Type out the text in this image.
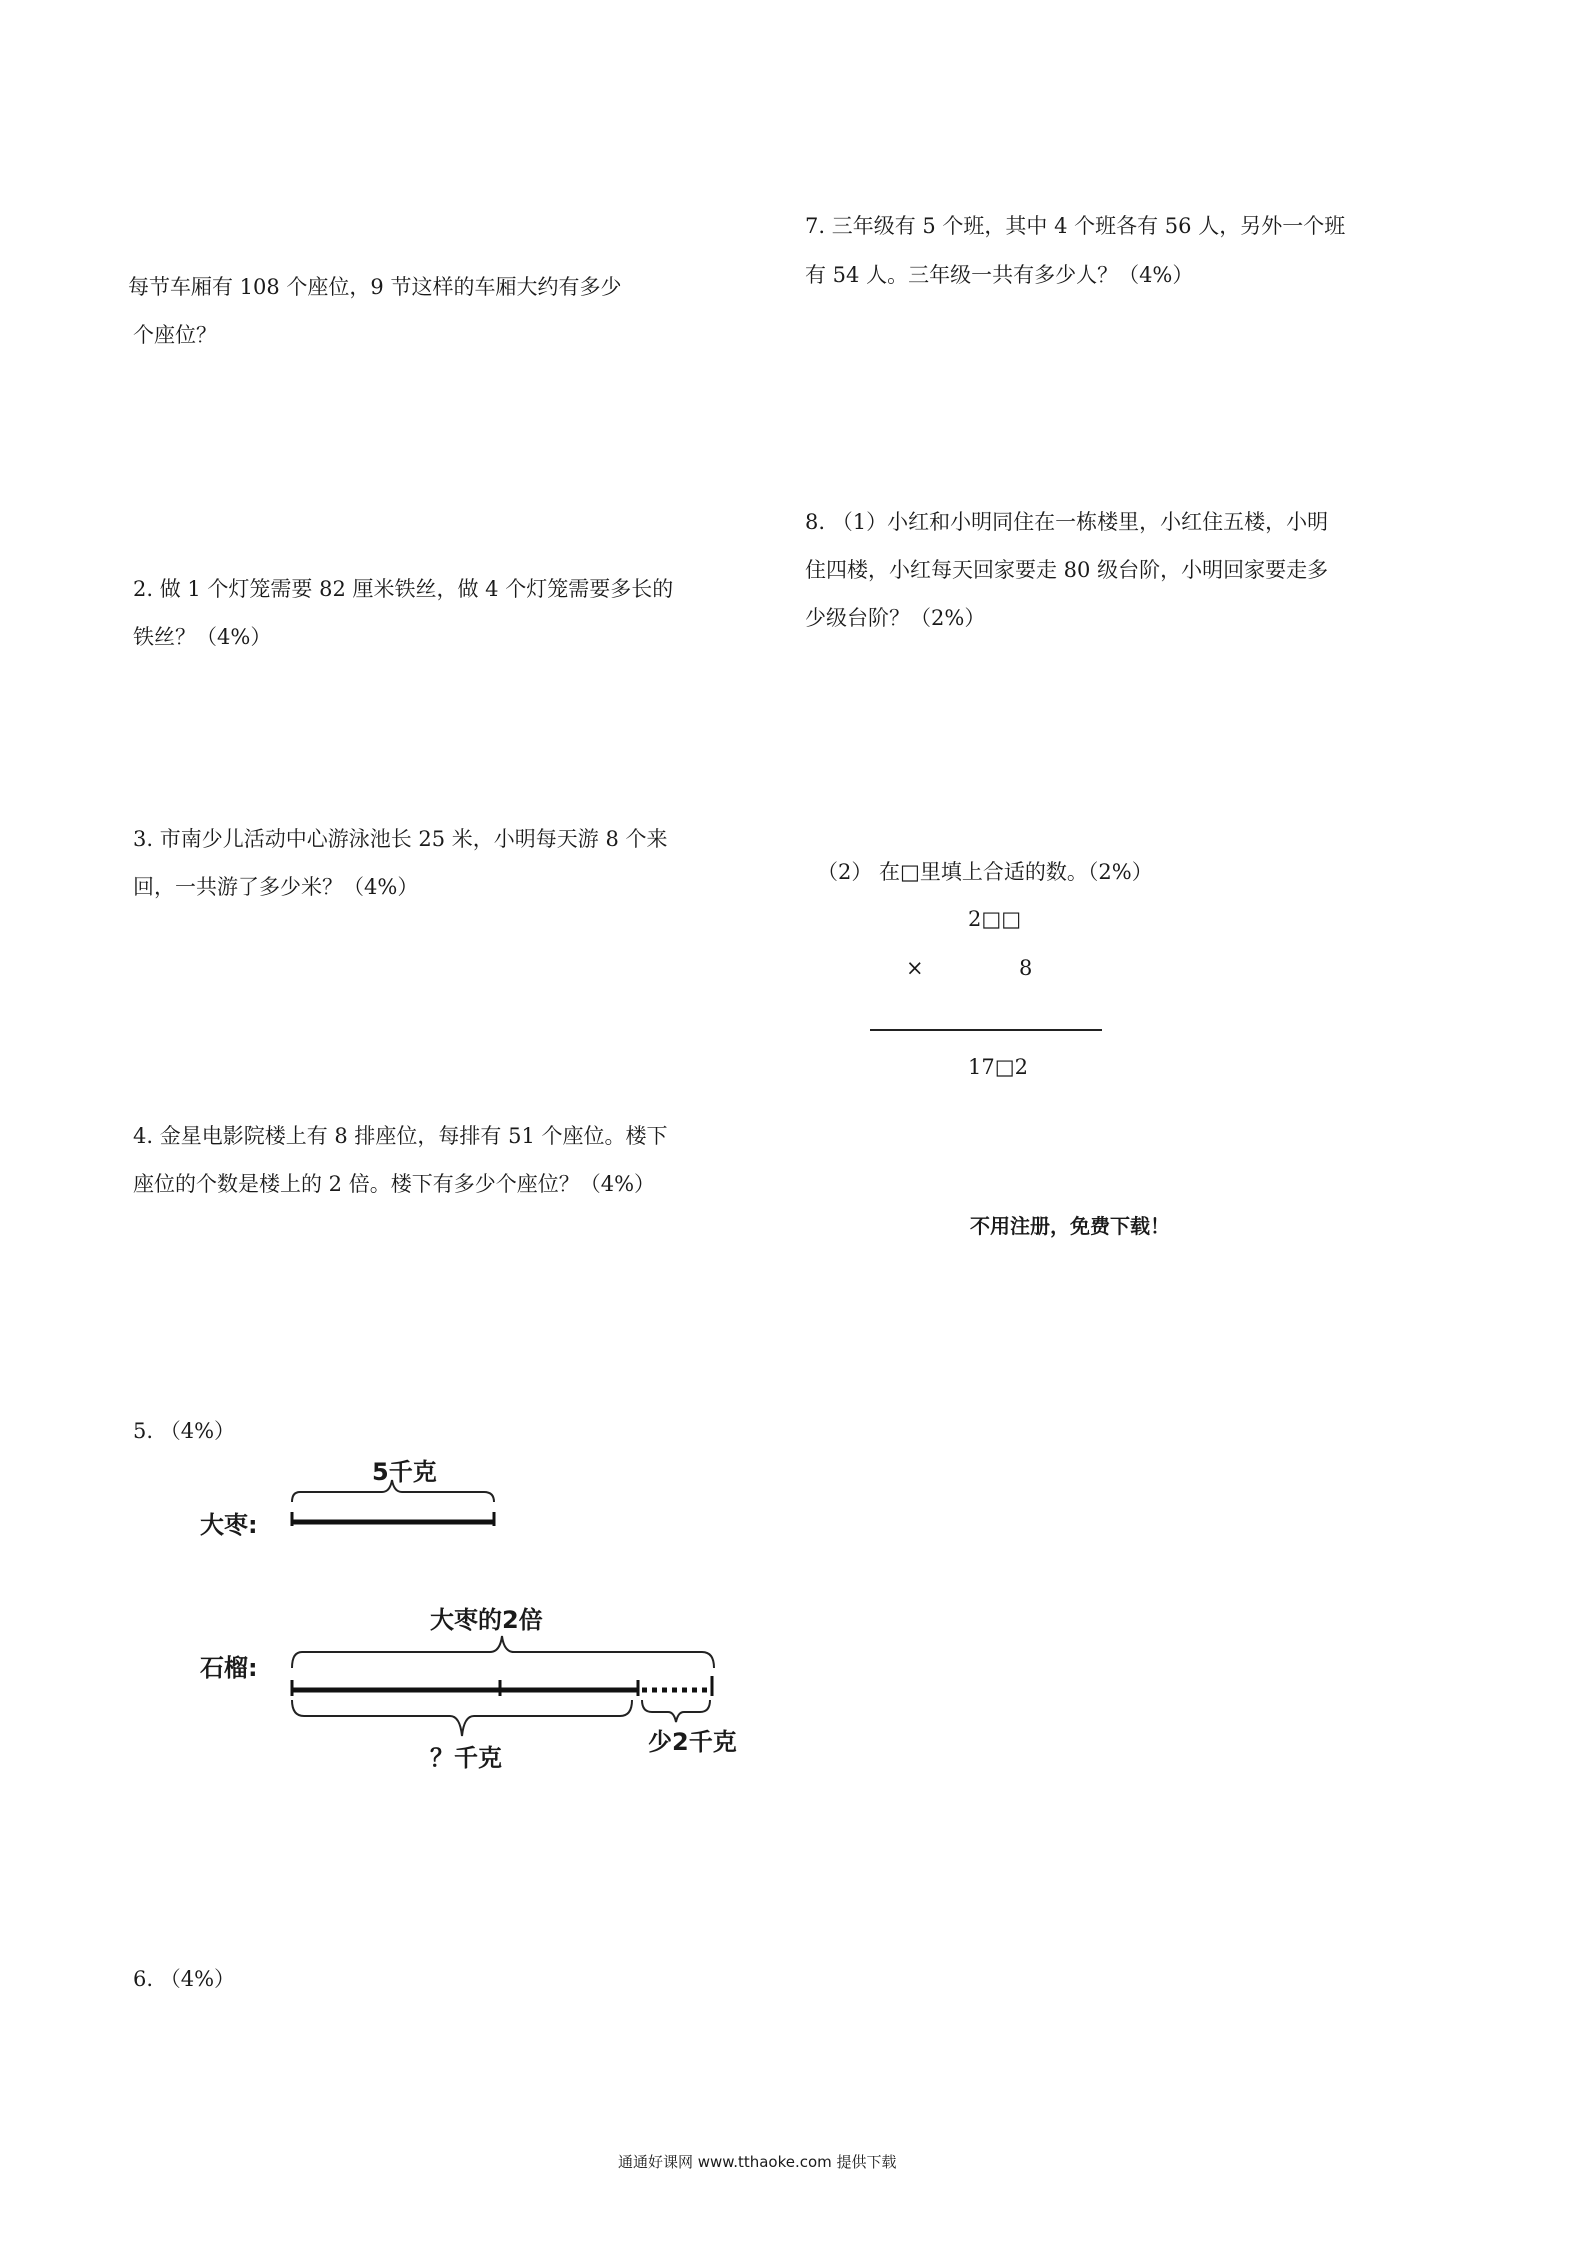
每节车厢有 108 个座位，9 节这样的车厢大约有多少
个座位？
2. 做 1 个灯笼需要 82 厘米铁丝，做 4 个灯笼需要多长的
铁丝？（4%）
3. 市南少儿活动中心游泳池长 25 米，小明每天游 8 个来
回，一共游了多少米？（4%）
4. 金星电影院楼上有 8 排座位，每排有 51 个座位。楼下
座位的个数是楼上的 2 倍。楼下有多少个座位？（4%）
5. （4%）
大枣:
5千克
石榴:
大枣的2倍
？千克
少2千克
6. （4%）
7. 三年级有 5 个班，其中 4 个班各有 56 人，另外一个班
有 54 人。三年级一共有多少人？（4%）
8. （1）小红和小明同住在一栋楼里，小红住五楼，小明
住四楼，小红每天回家要走 80 级台阶，小明回家要走多
少级台阶？（2%）
（2） 在□里填上合适的数。（2%）
2□□
×	8
17□2
不用注册，免费下载！
通通好课网 www.tthaoke.com 提供下载
